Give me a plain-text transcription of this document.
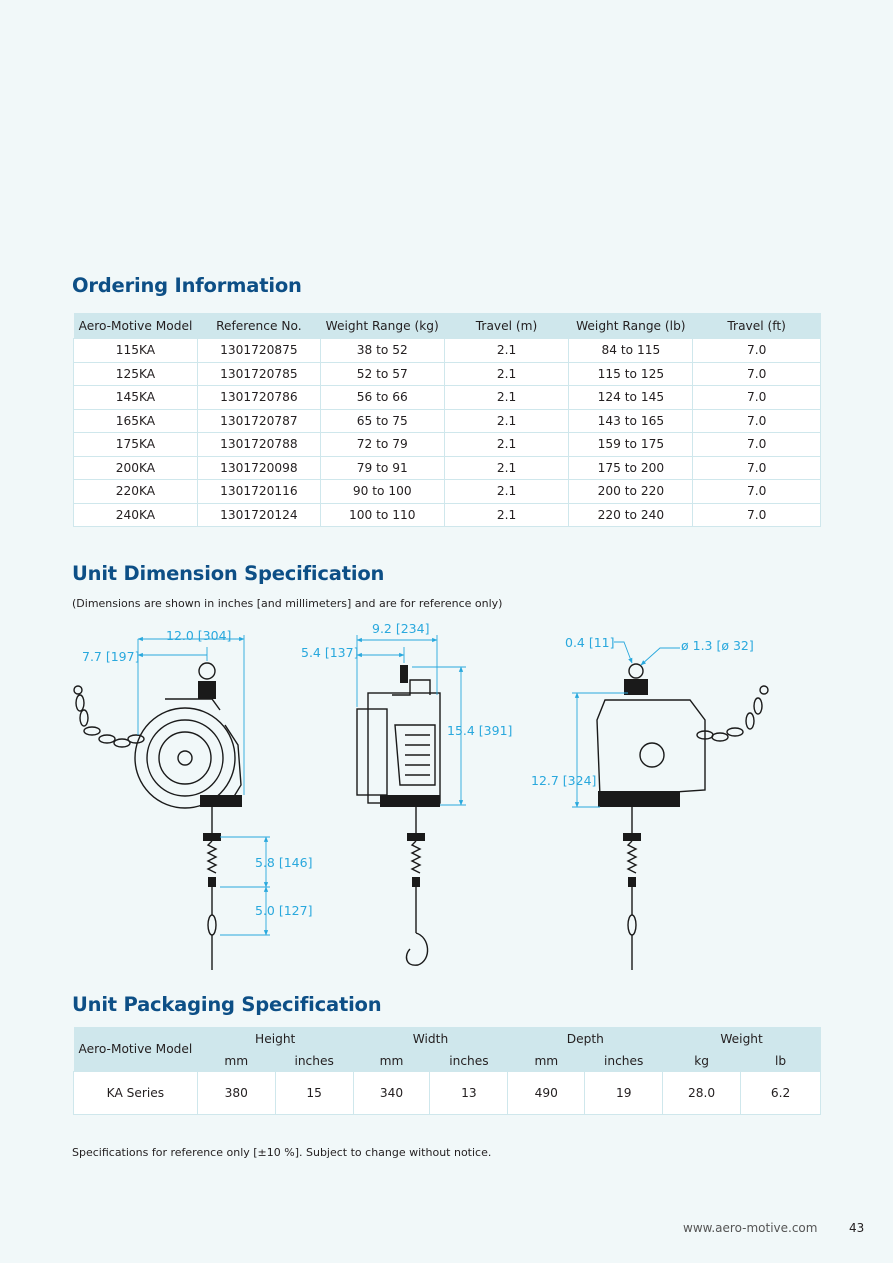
Ordering Information
Aero-Motive Model	Reference No.	Weight Range (kg)	Travel (m)	Weight Range (lb)	Travel (ft)
115KA	1301720875	38 to 52	2.1	84 to 115	7.0
125KA	1301720785	52 to 57	2.1	115 to 125	7.0
145KA	1301720786	56 to 66	2.1	124 to 145	7.0
165KA	1301720787	65 to 75	2.1	143 to 165	7.0
175KA	1301720788	72 to 79	2.1	159 to 175	7.0
200KA	1301720098	79 to 91	2.1	175 to 200	7.0
220KA	1301720116	90 to 100	2.1	200 to 220	7.0
240KA	1301720124	100 to 110	2.1	220 to 240	7.0
Unit Dimension Specification

(Dimensions are shown in inches [and millimeters] and are for reference only)

12.0 [304]
7.7 [197]
5.8 [146]
5.0 [127]
9.2 [234]
5.4 [137]
15.4 [391]
0.4 [11]	ø 1.3 [ø 32]
12.7 [324]
Unit Packaging Specification
Aero-Motive Model	Height		Width		Depth		Weight	
	mm	inches	mm	inches	mm	inches	kg	lb
KA Series	380	15	340	13	490	19	28.0	6.2

Specifications for reference only [±10 %]. Subject to change without notice.

www.aero-motive.com	43
